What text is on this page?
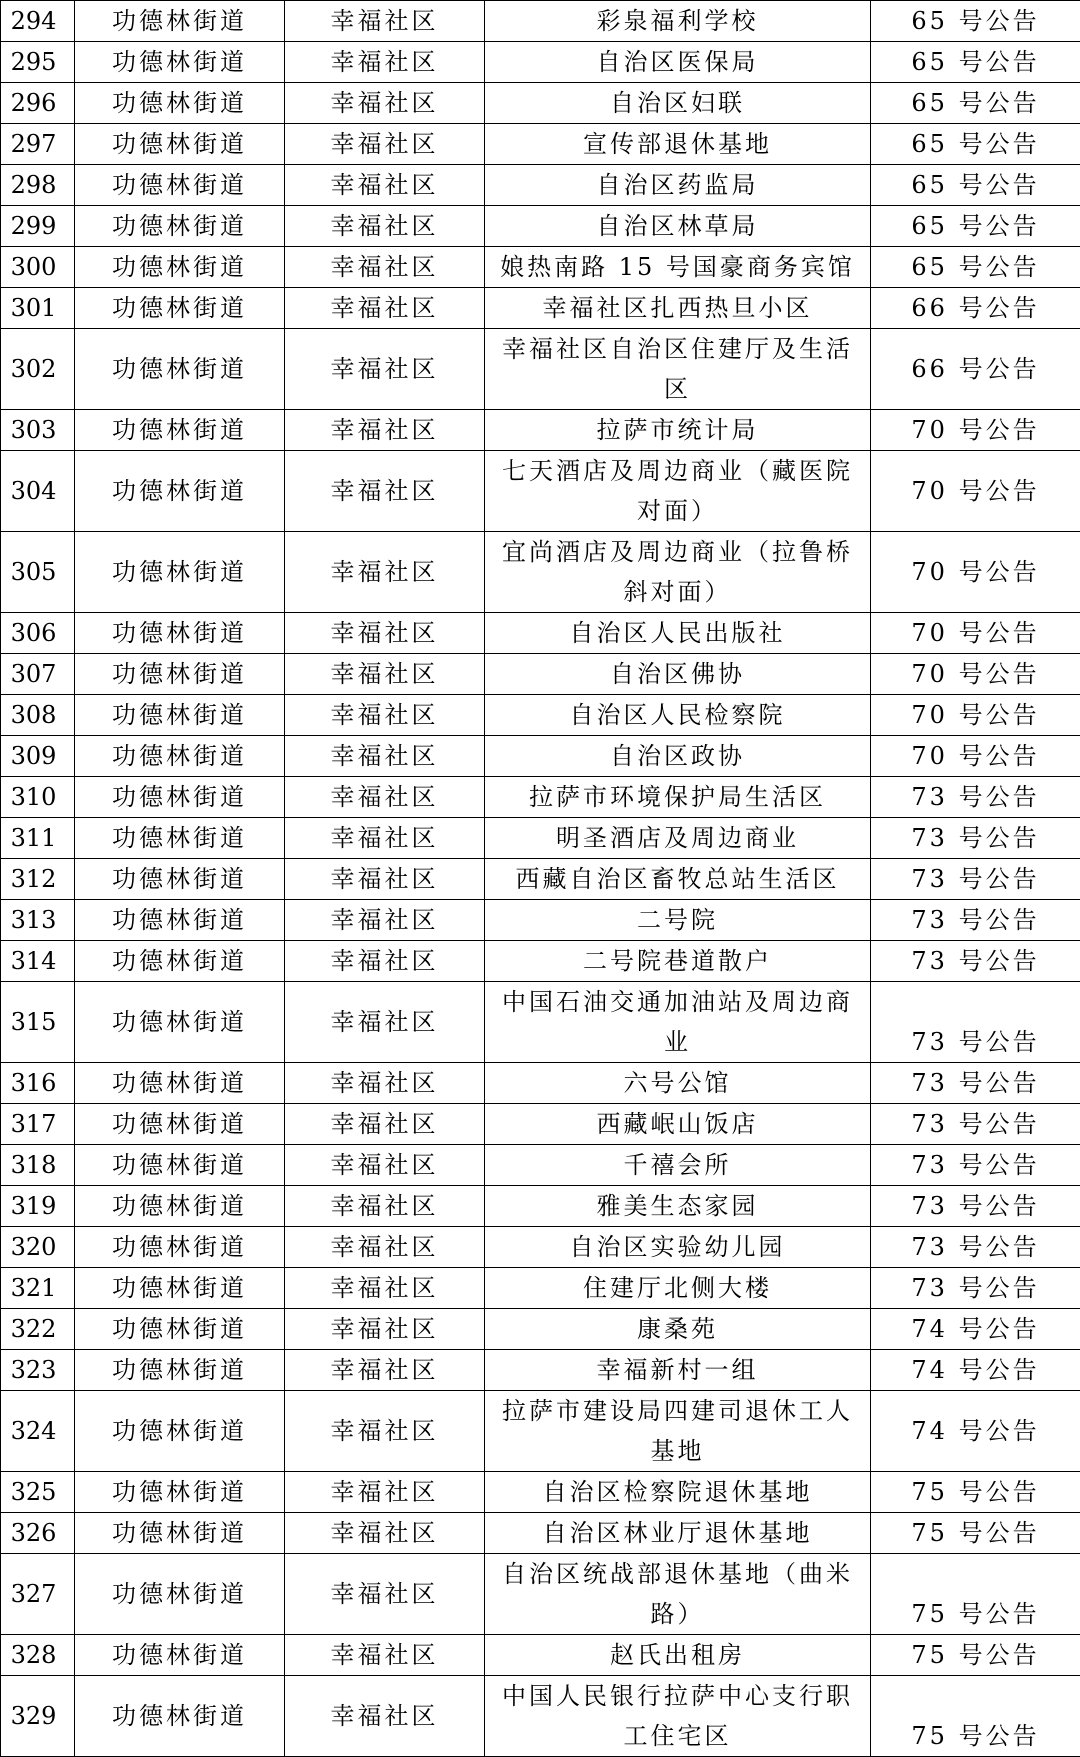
294	功德林街道	幸福社区	彩泉福利学校	65 号公告
295	功德林街道	幸福社区	自治区医保局	65 号公告
296	功德林街道	幸福社区	自治区妇联	65 号公告
297	功德林街道	幸福社区	宣传部退休基地	65 号公告
298	功德林街道	幸福社区	自治区药监局	65 号公告
299	功德林街道	幸福社区	自治区林草局	65 号公告
300	功德林街道	幸福社区	娘热南路 15 号国豪商务宾馆	65 号公告
301	功德林街道	幸福社区	幸福社区扎西热旦小区	66 号公告
302	功德林街道	幸福社区	幸福社区自治区住建厅及生活区	66 号公告
303	功德林街道	幸福社区	拉萨市统计局	70 号公告
304	功德林街道	幸福社区	七天酒店及周边商业（藏医院对面）	70 号公告
305	功德林街道	幸福社区	宜尚酒店及周边商业（拉鲁桥斜对面）	70 号公告
306	功德林街道	幸福社区	自治区人民出版社	70 号公告
307	功德林街道	幸福社区	自治区佛协	70 号公告
308	功德林街道	幸福社区	自治区人民检察院	70 号公告
309	功德林街道	幸福社区	自治区政协	70 号公告
310	功德林街道	幸福社区	拉萨市环境保护局生活区	73 号公告
311	功德林街道	幸福社区	明圣酒店及周边商业	73 号公告
312	功德林街道	幸福社区	西藏自治区畜牧总站生活区	73 号公告
313	功德林街道	幸福社区	二号院	73 号公告
314	功德林街道	幸福社区	二号院巷道散户	73 号公告
315	功德林街道	幸福社区	中国石油交通加油站及周边商业	73 号公告
316	功德林街道	幸福社区	六号公馆	73 号公告
317	功德林街道	幸福社区	西藏岷山饭店	73 号公告
318	功德林街道	幸福社区	千禧会所	73 号公告
319	功德林街道	幸福社区	雅美生态家园	73 号公告
320	功德林街道	幸福社区	自治区实验幼儿园	73 号公告
321	功德林街道	幸福社区	住建厅北侧大楼	73 号公告
322	功德林街道	幸福社区	康桑苑	74 号公告
323	功德林街道	幸福社区	幸福新村一组	74 号公告
324	功德林街道	幸福社区	拉萨市建设局四建司退休工人基地	74 号公告
325	功德林街道	幸福社区	自治区检察院退休基地	75 号公告
326	功德林街道	幸福社区	自治区林业厅退休基地	75 号公告
327	功德林街道	幸福社区	自治区统战部退休基地（曲米路）	75 号公告
328	功德林街道	幸福社区	赵氏出租房	75 号公告
329	功德林街道	幸福社区	中国人民银行拉萨中心支行职工住宅区	75 号公告
